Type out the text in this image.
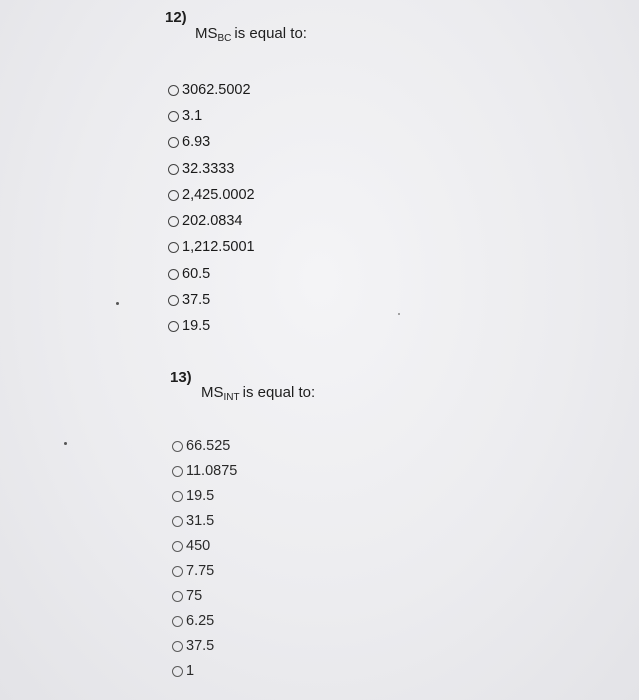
12)
$MS_{BC}$ is equal to:
3062.5002
3.1
6.93
32.3333
2,425.0002
202.0834
1,212.5001
60.5
37.5
19.5
13)
$MS_{INT}$ is equal to:
66.525
11.0875
19.5
31.5
450
7.75
75
6.25
37.5
1
